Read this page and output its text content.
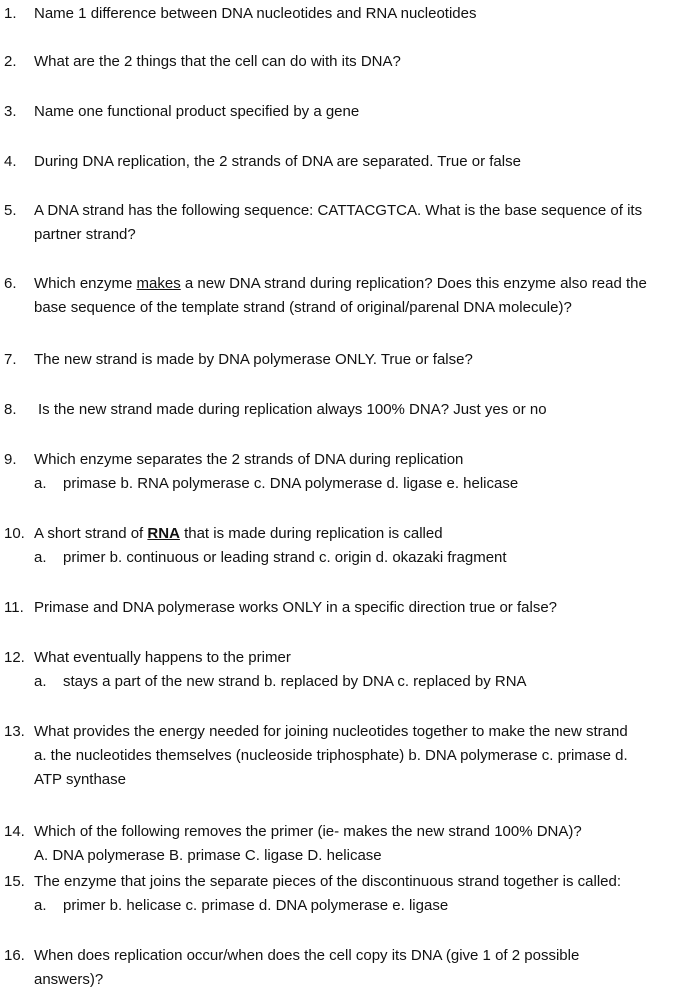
1. Name 1 difference between DNA nucleotides and RNA nucleotides
2. What are the 2 things that the cell can do with its DNA?
3. Name one functional product specified by a gene
4. During DNA replication, the 2 strands of DNA are separated. True or false
5. A DNA strand has the following sequence: CATTACGTCA. What is the base sequence of its
partner strand?
6. Which enzyme makes a new DNA strand during replication? Does this enzyme also read the
base sequence of the template strand (strand of original/parenal DNA molecule)?
7. The new strand is made by DNA polymerase ONLY. True or false?
8. Is the new strand made during replication always 100% DNA? Just yes or no
9. Which enzyme separates the 2 strands of DNA during replication
a. primase b. RNA polymerase c. DNA polymerase d. ligase e. helicase
10. A short strand of RNA that is made during replication is called
a. primer b. continuous or leading strand c. origin d. okazaki fragment
11. Primase and DNA polymerase works ONLY in a specific direction true or false?
12. What eventually happens to the primer
a. stays a part of the new strand b. replaced by DNA c. replaced by RNA
13. What provides the energy needed for joining nucleotides together to make the new strand
a. the nucleotides themselves (nucleoside triphosphate) b. DNA polymerase c. primase d.
ATP synthase
14. Which of the following removes the primer (ie- makes the new strand 100% DNA)?
A. DNA polymerase B. primase C. ligase D. helicase
15. The enzyme that joins the separate pieces of the discontinuous strand together is called:
a. primer b. helicase c. primase d. DNA polymerase e. ligase
16. When does replication occur/when does the cell copy its DNA (give 1 of 2 possible
answers)?
